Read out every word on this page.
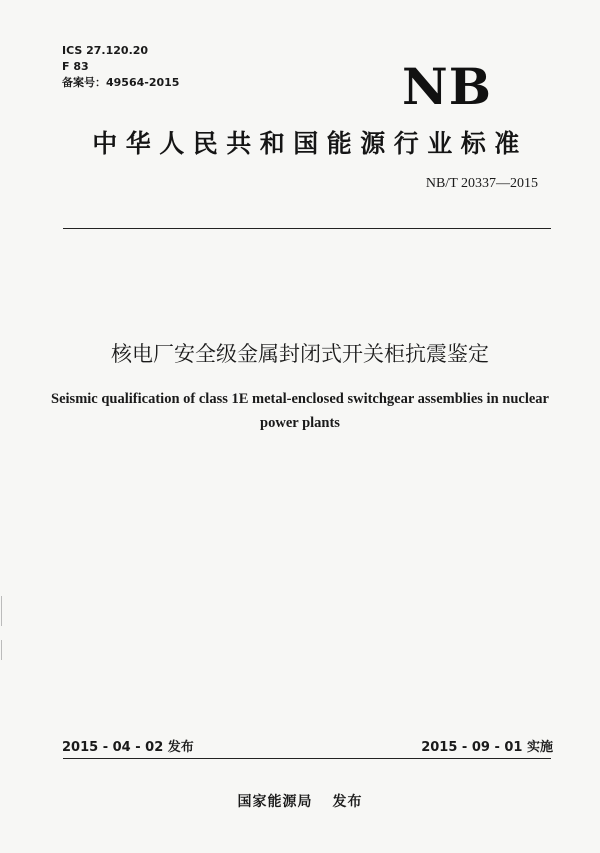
ICS 27.120.20
F 83
备案号：49564-2015	NB
中华人民共和国能源行业标准
NB/T 20337—2015
核电厂安全级金属封闭式开关柜抗震鉴定
Seismic qualification of class 1E metal-enclosed switchgear assemblies in nuclear
power plants
2015 - 04 - 02 发布	2015 - 09 - 01 实施
国家能源局 发布
